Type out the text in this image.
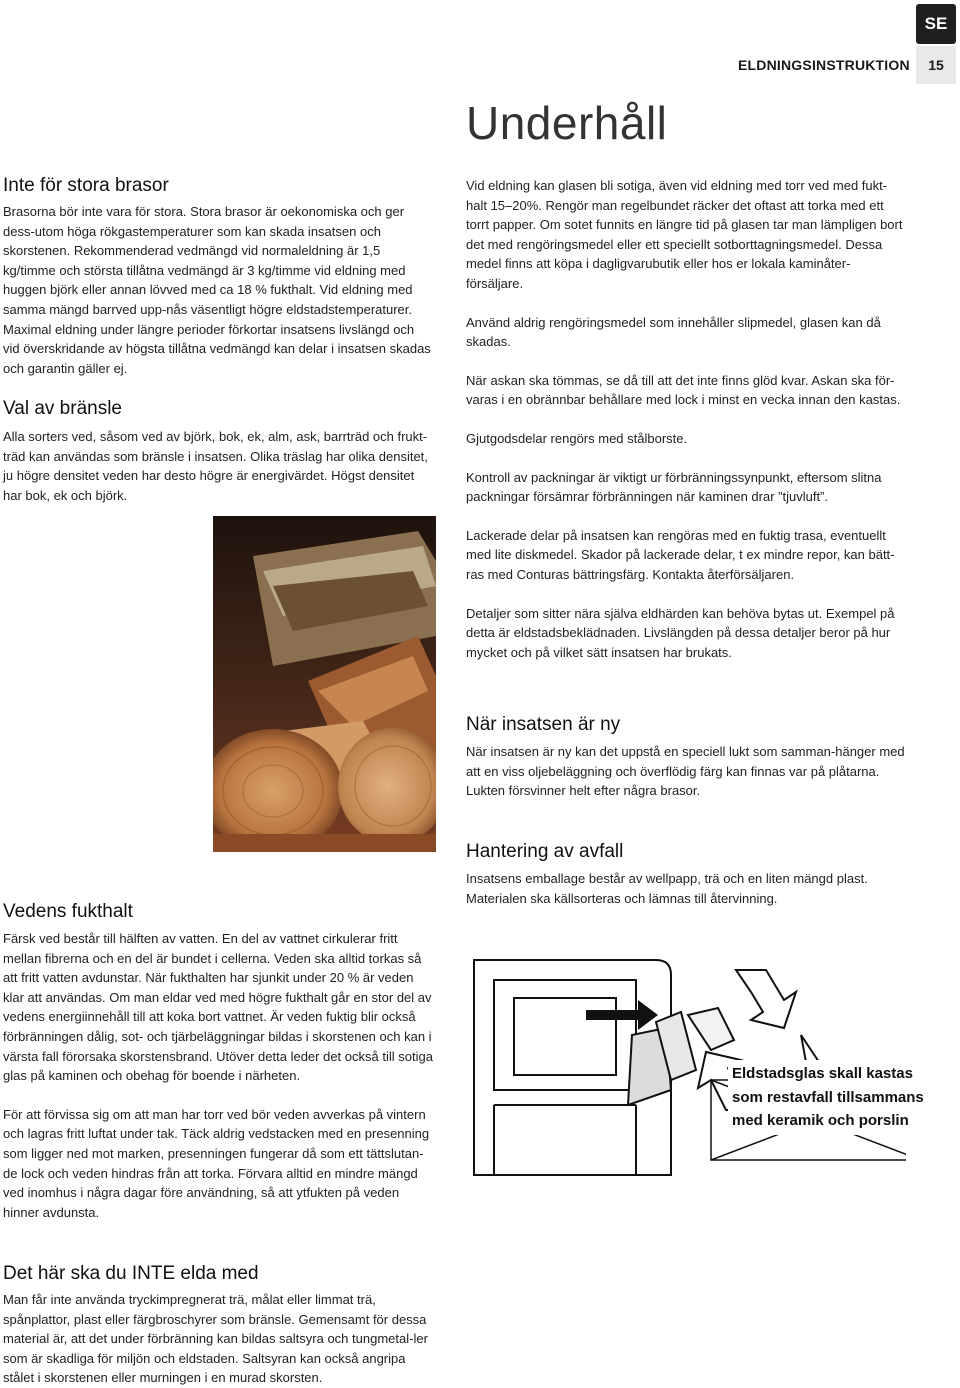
SE
ELDNINGSINSTRUKTION	15
Underhåll
Inte för stora brasor

Brasorna bör inte vara för stora. Stora brasor är oekonomiska och ger dess-utom höga rökgastemperaturer som kan skada insatsen och skorstenen. Rekommenderad vedmängd vid normaleldning är 1,5 kg/timme och största tillåtna vedmängd är 3 kg/timme vid eldning med huggen björk eller annan lövved med ca 18 % fukthalt. Vid eldning med samma mängd barrved upp-nås väsentligt högre eldstadstemperaturer. Maximal eldning under längre perioder förkortar insatsens livslängd och vid överskridande av högsta tillåtna vedmängd kan delar i insatsen skadas och garantin gäller ej.

Val av bränsle

Alla sorters ved, såsom ved av björk, bok, ek, alm, ask, barrträd och frukt-träd kan användas som bränsle i insatsen. Olika träslag har olika densitet, ju högre densitet veden har desto högre är energivärdet. Högst densitet har bok, ek och björk.

Vedens fukthalt

Färsk ved består till hälften av vatten. En del av vattnet cirkulerar fritt mellan fibrerna och en del är bundet i cellerna. Veden ska alltid torkas så att fritt vatten avdunstar. När fukthalten har sjunkit under 20 % är veden klar att användas. Om man eldar ved med högre fukthalt går en stor del av vedens energiinnehåll till att koka bort vattnet. Är veden fuktig blir också förbränningen dålig, sot- och tjärbeläggningar bildas i skorstenen och kan i värsta fall förorsaka skorstensbrand. Utöver detta leder det också till sotiga glas på kaminen och obehag för boende i närheten.

För att förvissa sig om att man har torr ved bör veden avverkas på vintern och lagras fritt luftat under tak. Täck aldrig vedstacken med en presenning som ligger ned mot marken, presenningen fungerar då som ett tättslutan-de lock och veden hindras från att torka. Förvara alltid en mindre mängd ved inomhus i några dagar före användning, så att ytfukten på veden hinner avdunsta.

Det här ska du INTE elda med

Man får inte använda tryckimpregnerat trä, målat eller limmat trä, spånplattor, plast eller färgbroschyrer som bränsle. Gemensamt för dessa material är, att det under förbränning kan bildas saltsyra och tungmetal-ler som är skadliga för miljön och eldstaden. Saltsyran kan också angripa stålet i skorstenen eller murningen i en murad skorsten.

Vid eldning kan glasen bli sotiga, även vid eldning med torr ved med fukt-halt 15–20%. Rengör man regelbundet räcker det oftast att torka med ett torrt papper. Om sotet funnits en längre tid på glasen tar man lämpligen bort det med rengöringsmedel eller ett speciellt sotborttagningsmedel. Dessa medel finns att köpa i dagligvarubutik eller hos er lokala kaminåter-försäljare.

Använd aldrig rengöringsmedel som innehåller slipmedel, glasen kan då skadas.

När askan ska tömmas, se då till att det inte finns glöd kvar. Askan ska för-varas i en obrännbar behållare med lock i minst en vecka innan den kastas.

Gjutgodsdelar rengörs med stålborste.

Kontroll av packningar är viktigt ur förbränningssynpunkt, eftersom slitna packningar försämrar förbränningen när kaminen drar ”tjuvluft”.

Lackerade delar på insatsen kan rengöras med en fuktig trasa, eventuellt med lite diskmedel. Skador på lackerade delar, t ex mindre repor, kan bätt-ras med Conturas bättringsfärg. Kontakta återförsäljaren.

Detaljer som sitter nära själva eldhärden kan behöva bytas ut. Exempel på detta är eldstadsbeklädnaden. Livslängden på dessa detaljer beror på hur mycket och på vilket sätt insatsen har brukats.

När insatsen är ny

När insatsen är ny kan det uppstå en speciell lukt som samman-hänger med att en viss oljebeläggning och överflödig färg kan finnas var på plåtarna. Lukten försvinner helt efter några brasor.

Hantering av avfall

Insatsens emballage består av wellpapp, trä och en liten mängd plast. Materialen ska källsorteras och lämnas till återvinning.

Eldstadsglas skall kastas som restavfall tillsammans med keramik och porslin
